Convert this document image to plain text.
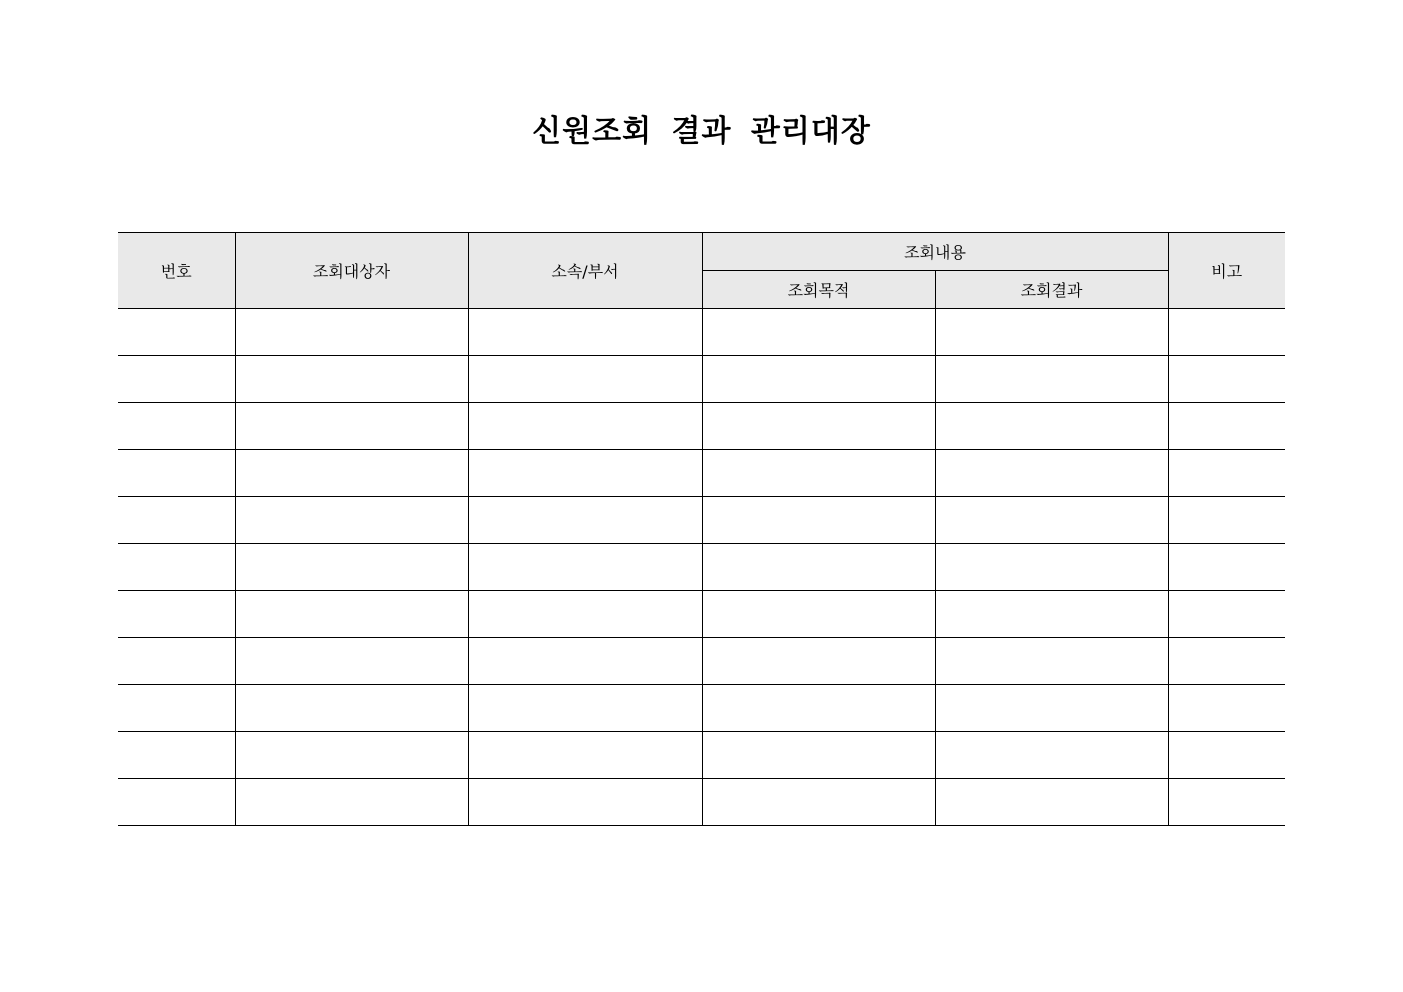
신원조회 결과 관리대장
번호	조회대상자	소속/부서	조회내용		비고
			조회목적	조회결과	
